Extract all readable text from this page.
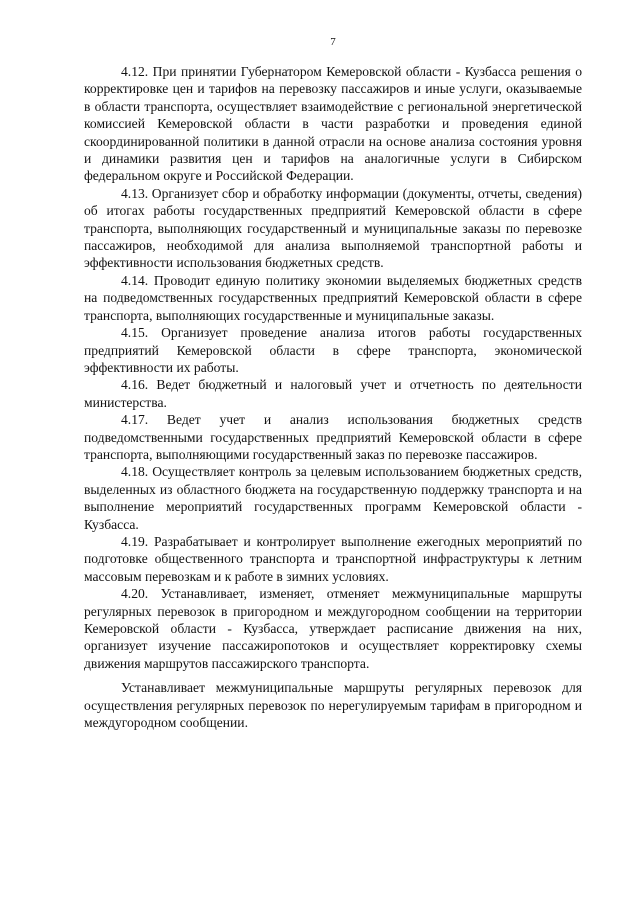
7

4.12. При принятии Губернатором Кемеровской области - Кузбасса решения о корректировке цен и тарифов на перевозку пассажиров и иные услуги, оказываемые в области транспорта, осуществляет взаимодействие с региональной энергетической комиссией Кемеровской области в части разработки и проведения единой скоординированной политики в данной отрасли на основе анализа состояния уровня и динамики развития цен и тарифов на аналогичные услуги в Сибирском федеральном округе и Российской Федерации.

4.13. Организует сбор и обработку информации (документы, отчеты, сведения) об итогах работы государственных предприятий Кемеровской области в сфере транспорта, выполняющих государственный и муниципальные заказы по перевозке пассажиров, необходимой для анализа выполняемой транспортной работы и эффективности использования бюджетных средств.

4.14. Проводит единую политику экономии выделяемых бюджетных средств на подведомственных государственных предприятий Кемеровской области в сфере транспорта, выполняющих государственные и муниципальные заказы.

4.15. Организует проведение анализа итогов работы государственных предприятий Кемеровской области в сфере транспорта, экономической эффективности их работы.

4.16. Ведет бюджетный и налоговый учет и отчетность по деятельности министерства.

4.17. Ведет учет и анализ использования бюджетных средств подведомственными государственных предприятий Кемеровской области в сфере транспорта, выполняющими государственный заказ по перевозке пассажиров.

4.18. Осуществляет контроль за целевым использованием бюджетных средств, выделенных из областного бюджета на государственную поддержку транспорта и на выполнение мероприятий государственных программ Кемеровской области - Кузбасса.

4.19. Разрабатывает и контролирует выполнение ежегодных мероприятий по подготовке общественного транспорта и транспортной инфраструктуры к летним массовым перевозкам и к работе в зимних условиях.

4.20. Устанавливает, изменяет, отменяет межмуниципальные маршруты регулярных перевозок в пригородном и междугородном сообщении на территории Кемеровской области - Кузбасса, утверждает расписание движения на них, организует изучение пассажиропотоков и осуществляет корректировку схемы движения маршрутов пассажирского транспорта.

Устанавливает межмуниципальные маршруты регулярных перевозок для осуществления регулярных перевозок по нерегулируемым тарифам в пригородном и междугородном сообщении.
